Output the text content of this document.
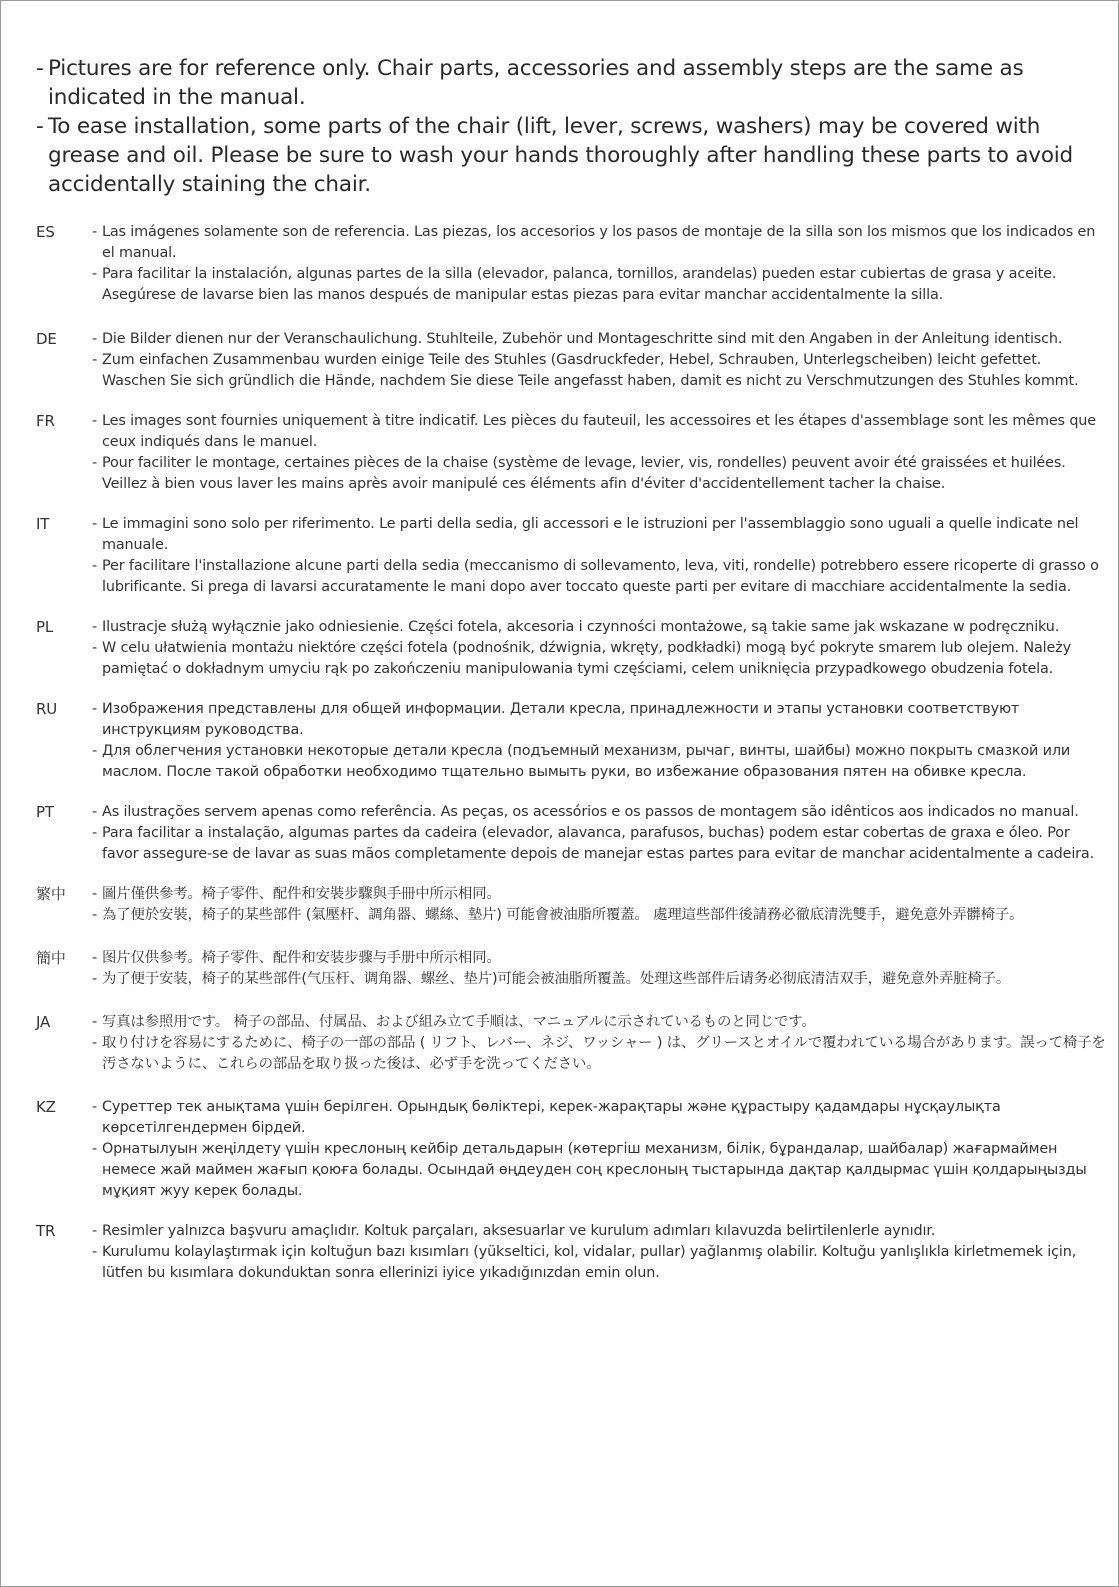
- Pictures are for reference only. Chair parts, accessories and assembly steps are the same as indicated in the manual.

- To ease installation, some parts of the chair (lift, lever, screws, washers) may be covered with grease and oil. Please be sure to wash your hands thoroughly after handling these parts to avoid accidentally staining the chair.

ES	- Las imágenes solamente son de referencia. Las piezas, los accesorios y los pasos de montaje de la silla son los mismos que los indicados en el manual.

- Para facilitar la instalación, algunas partes de la silla (elevador, palanca, tornillos, arandelas) pueden estar cubiertas de grasa y aceite. Asegúrese de lavarse bien las manos después de manipular estas piezas para evitar manchar accidentalmente la silla.

DE	- Die Bilder dienen nur der Veranschaulichung. Stuhlteile, Zubehör und Montageschritte sind mit den Angaben in der Anleitung identisch.

- Zum einfachen Zusammenbau wurden einige Teile des Stuhles (Gasdruckfeder, Hebel, Schrauben, Unterlegscheiben) leicht gefettet. Waschen Sie sich gründlich die Hände, nachdem Sie diese Teile angefasst haben, damit es nicht zu Verschmutzungen des Stuhles kommt.

FR	- Les images sont fournies uniquement à titre indicatif. Les pièces du fauteuil, les accessoires et les étapes d'assemblage sont les mêmes que ceux indiqués dans le manuel.

- Pour faciliter le montage, certaines pièces de la chaise (système de levage, levier, vis, rondelles) peuvent avoir été graissées et huilées. Veillez à bien vous laver les mains après avoir manipulé ces éléments afin d'éviter d'accidentellement tacher la chaise.

IT	- Le immagini sono solo per riferimento. Le parti della sedia, gli accessori e le istruzioni per l'assemblaggio sono uguali a quelle indicate nel manuale.

- Per facilitare l'installazione alcune parti della sedia (meccanismo di sollevamento, leva, viti, rondelle) potrebbero essere ricoperte di grasso o lubrificante. Si prega di lavarsi accuratamente le mani dopo aver toccato queste parti per evitare di macchiare accidentalmente la sedia.

PL	- Ilustracje służą wyłącznie jako odniesienie. Części fotela, akcesoria i czynności montażowe, są takie same jak wskazane w podręczniku.

- W celu ułatwienia montażu niektóre części fotela (podnośnik, dźwignia, wkręty, podkładki) mogą być pokryte smarem lub olejem. Należy pamiętać o dokładnym umyciu rąk po zakończeniu manipulowania tymi częściami, celem uniknięcia przypadkowego obudzenia fotela.

RU	- Изображения представлены для общей информации. Детали кресла, принадлежности и этапы установки соответствуют инструкциям руководства.

- Для облегчения установки некоторые детали кресла (подъемный механизм, рычаг, винты, шайбы) можно покрыть смазкой или маслом. После такой обработки необходимо тщательно вымыть руки, во избежание образования пятен на обивке кресла.

PT	- As ilustrações servem apenas como referência. As peças, os acessórios e os passos de montagem são idênticos aos indicados no manual.

- Para facilitar a instalação, algumas partes da cadeira (elevador, alavanca, parafusos, buchas) podem estar cobertas de graxa e óleo. Por favor assegure-se de lavar as suas mãos completamente depois de manejar estas partes para evitar de manchar acidentalmente a cadeira.

繁中	- 圖片僅供參考。椅子零件、配件和安裝步驟與手冊中所示相同。

- 為了便於安裝，椅子的某些部件 (氣壓杆、調角器、螺絲、墊片) 可能會被油脂所覆蓋。 處理這些部件後請務必徹底清洗雙手，避免意外弄髒椅子。

簡中	- 图片仅供参考。椅子零件、配件和安装步骤与手册中所示相同。

- 为了便于安装，椅子的某些部件(气压杆、调角器、螺丝、垫片)可能会被油脂所覆盖。处理这些部件后请务必彻底清洁双手，避免意外弄脏椅子。

JA	- 写真は参照用です。 椅子の部品、付属品、および組み立て手順は、マニュアルに示されているものと同じです。

- 取り付けを容易にするために、椅子の一部の部品 ( リフト、レバー、ネジ、ワッシャー ) は、グリースとオイルで覆われている場合があります。誤って椅子を汚さないように、これらの部品を取り扱った後は、必ず手を洗ってください。

KZ	- Суреттер тек анықтама үшін берілген. Орындық бөліктері, керек-жарақтары және құрастыру қадамдары нұсқаулықта көрсетілгендермен бірдей.

- Орнатылуын жеңілдету үшін креслоның кейбір детальдарын (көтергіш механизм, білік, бұрандалар, шайбалар) жағармаймен немесе жай маймен жағып қоюға болады. Осындай өңдеуден соң креслоның тыстарында дақтар қалдырмас үшін қолдарыңызды мұқият жуу керек болады.

TR	- Resimler yalnızca başvuru amaçlıdır. Koltuk parçaları, aksesuarlar ve kurulum adımları kılavuzda belirtilenlerle aynıdır.

- Kurulumu kolaylaştırmak için koltuğun bazı kısımları (yükseltici, kol, vidalar, pullar) yağlanmış olabilir. Koltuğu yanlışlıkla kirletmemek için, lütfen bu kısımlara dokunduktan sonra ellerinizi iyice yıkadığınızdan emin olun.
